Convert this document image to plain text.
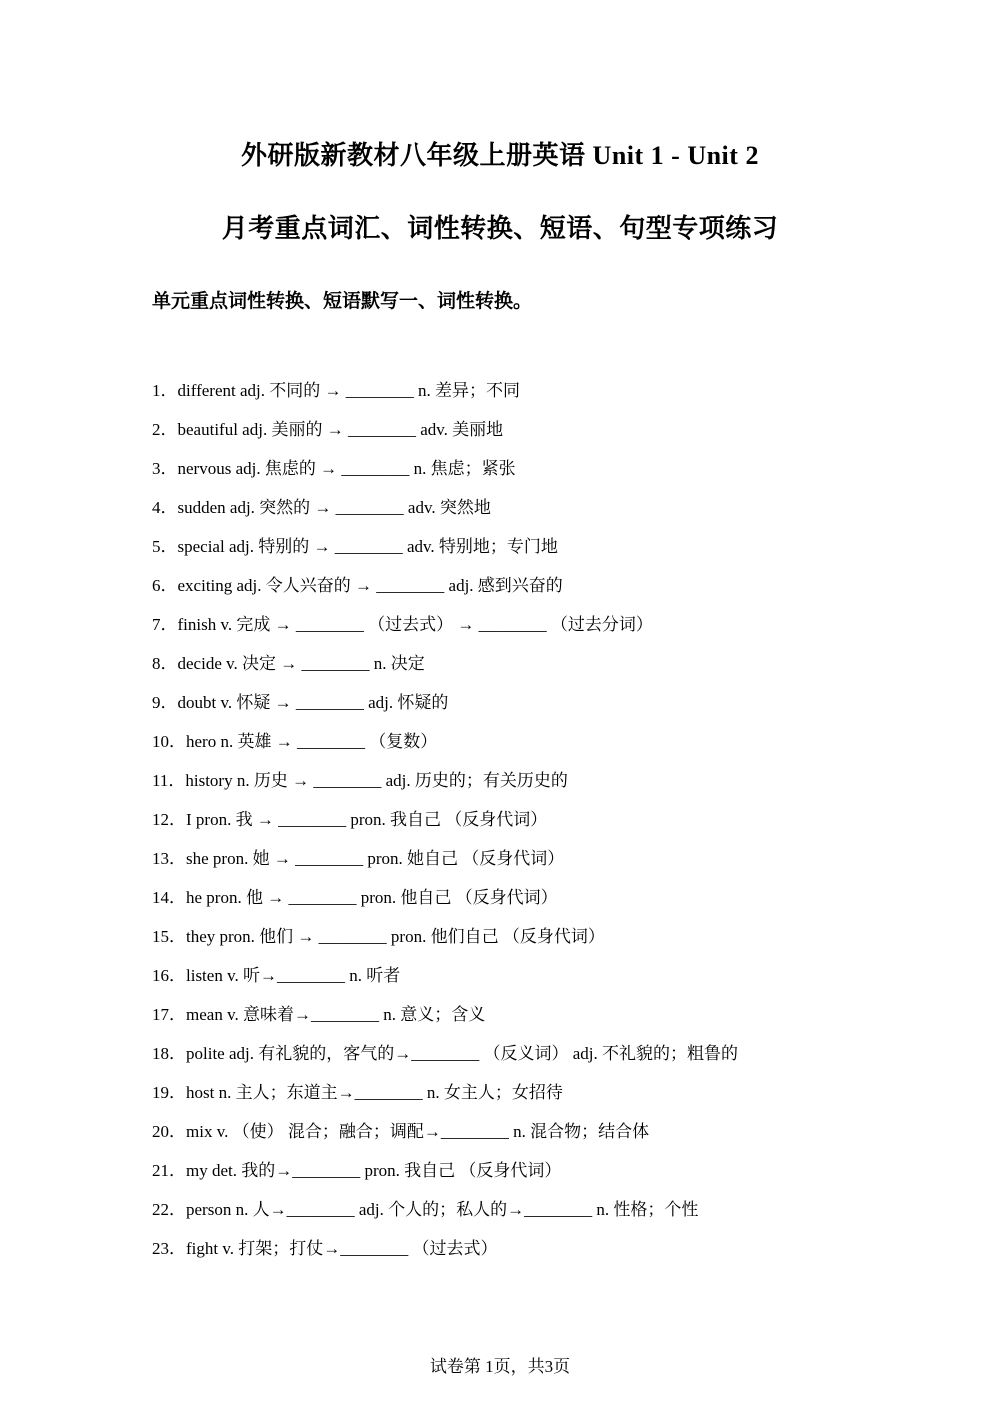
外研版新教材八年级上册英语 Unit 1 - Unit 2
月考重点词汇、词性转换、短语、句型专项练习
单元重点词性转换、短语默写一、词性转换。
1．different adj. 不同的 → ________ n. 差异；不同
2．beautiful adj. 美丽的 → ________ adv. 美丽地
3．nervous adj. 焦虑的 → ________ n. 焦虑；紧张
4．sudden adj. 突然的 → ________ adv. 突然地
5．special adj. 特别的 → ________ adv. 特别地；专门地
6．exciting adj. 令人兴奋的 → ________ adj. 感到兴奋的
7．finish v. 完成 → ________ （过去式） → ________ （过去分词）
8．decide v. 决定 → ________ n. 决定
9．doubt v. 怀疑 → ________ adj. 怀疑的
10．hero n. 英雄 → ________ （复数）
11．history n. 历史 → ________ adj. 历史的；有关历史的
12．I pron. 我 → ________ pron. 我自己 （反身代词）
13．she pron. 她 → ________ pron. 她自己 （反身代词）
14．he pron. 他 → ________ pron. 他自己 （反身代词）
15．they pron. 他们 → ________ pron. 他们自己 （反身代词）
16．listen v. 听→________ n. 听者
17．mean v. 意味着→________ n. 意义；含义
18．polite adj. 有礼貌的，客气的→________ （反义词） adj. 不礼貌的；粗鲁的
19．host n. 主人；东道主→________ n. 女主人；女招待
20．mix v. （使） 混合；融合；调配→________ n. 混合物；结合体
21．my det. 我的→________ pron. 我自己 （反身代词）
22．person n. 人→________ adj. 个人的；私人的→________ n. 性格；个性
23．fight v. 打架；打仗→________ （过去式）
试卷第 1页，共3页
